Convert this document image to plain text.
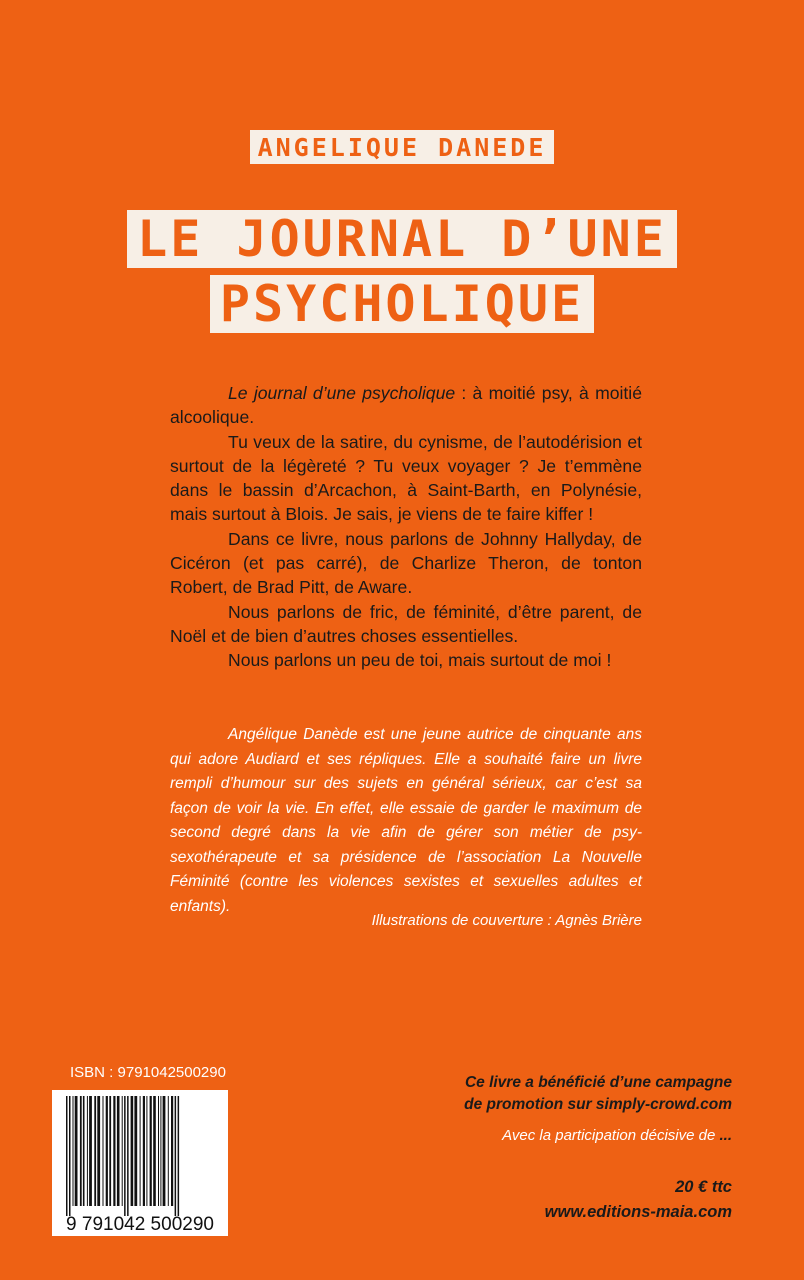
ANGELIQUE DANEDE
LE JOURNAL D’UNE
PSYCHOLIQUE

Le journal d’une psycholique : à moitié psy, à moitié alcoolique.

Tu veux de la satire, du cynisme, de l’autodérision et surtout de la légèreté ? Tu veux voyager ? Je t’emmène dans le bassin d’Arcachon, à Saint-Barth, en Polynésie, mais surtout à Blois. Je sais, je viens de te faire kiffer !

Dans ce livre, nous parlons de Johnny Hallyday, de Cicéron (et pas carré), de Charlize Theron, de tonton Robert, de Brad Pitt, de Aware.

Nous parlons de fric, de féminité, d’être parent, de Noël et de bien d’autres choses essentielles.

Nous parlons un peu de toi, mais surtout de moi !

Angélique Danède est une jeune autrice de cinquante ans qui adore Audiard et ses répliques. Elle a souhaité faire un livre rempli d’humour sur des sujets en général sérieux, car c’est sa façon de voir la vie. En effet, elle essaie de garder le maximum de second degré dans la vie afin de gérer son métier de psy-sexothérapeute et sa présidence de l’association La Nouvelle Féminité (contre les violences sexistes et sexuelles adultes et enfants).

Illustrations de couverture : Agnès Brière
ISBN : 9791042500290
9 791042 500290
Ce livre a bénéficié d’une campagne
de promotion sur simply-crowd.com
Avec la participation décisive de ...
20 € ttc
www.editions-maia.com
